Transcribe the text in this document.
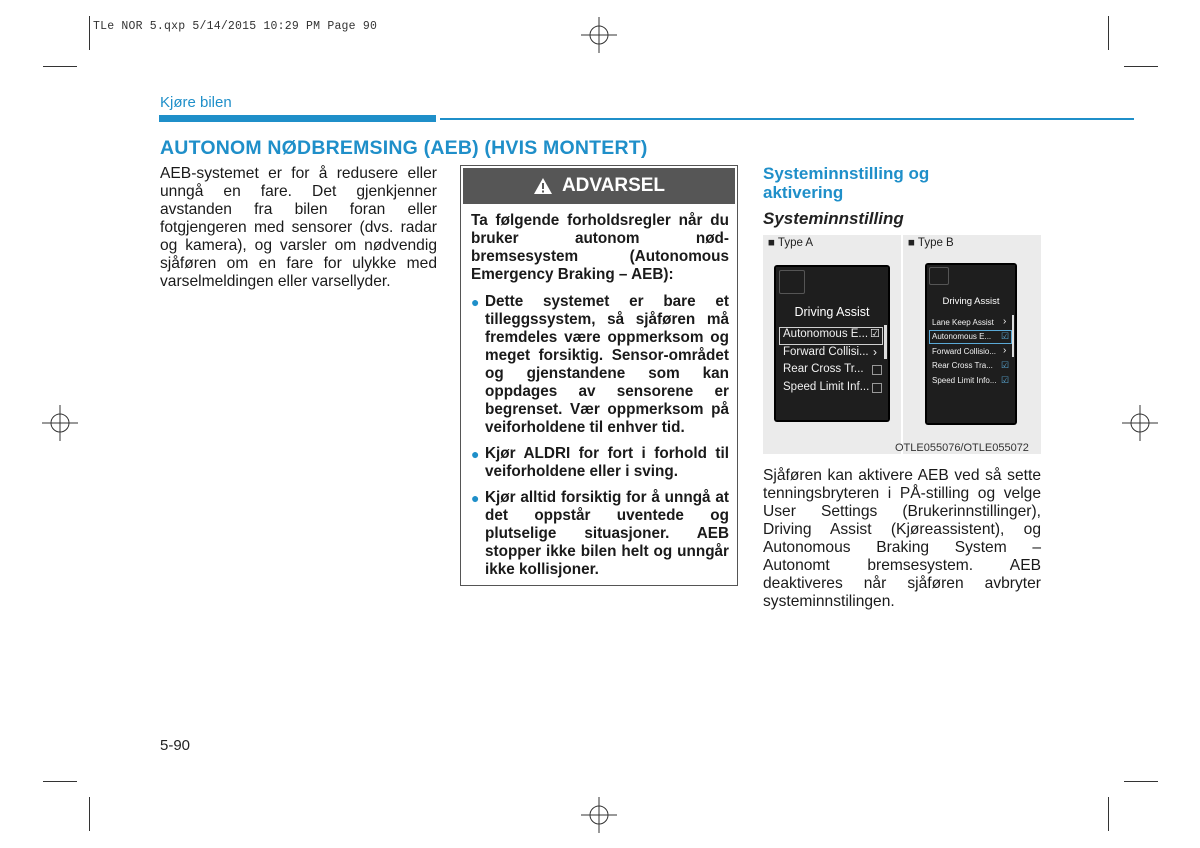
TLe NOR 5.qxp 5/14/2015 10:29 PM Page 90
Kjøre bilen
AUTONOM NØDBREMSING (AEB) (HVIS MONTERT)
AEB-systemet er for å redusere eller unngå en fare. Det gjenkjenner avstanden fra bilen foran eller fotgjengeren med sensorer (dvs. radar og kamera), og varsler om nødvendig sjåføren om en fare for ulykke med varselmeldingen eller varsellyder.
ADVARSEL

Ta følgende forholdsregler når du bruker autonom nød-bremsesystem (Autonomous Emergency Braking – AEB):

● Dette systemet er bare et tilleggssystem, så sjåføren må fremdeles være oppmerksom og meget forsiktig. Sensor-området og gjenstandene som kan oppdages av sensorene er begrenset. Vær oppmerksom på veiforholdene til enhver tid.
● Kjør ALDRI for fort i forhold til veiforholdene eller i sving.
● Kjør alltid forsiktig for å unngå at det oppstår uventede og plutselige situasjoner. AEB stopper ikke bilen helt og unngår ikke kollisjoner.
Systeminnstilling og aktivering
Systeminnstilling
■ Type A	■ Type B
Driving Assist
Autonomous E... ☑
Forward Collisi... ›
Rear Cross Tr...
Speed Limit Inf...
Driving Assist
Lane Keep Assist ›
Autonomous E... ☑
Forward Collisio... ›
Rear Cross Tra... ☑
Speed Limit Info... ☑
OTLE055076/OTLE055072
Sjåføren kan aktivere AEB ved så sette tenningsbryteren i PÅ-stilling og velge User Settings (Brukerinnstillinger), Driving Assist (Kjøreassistent), og Autonomous Braking System – Autonomt bremsesystem. AEB deaktiveres når sjåføren avbryter systeminnstilingen.
5-90
